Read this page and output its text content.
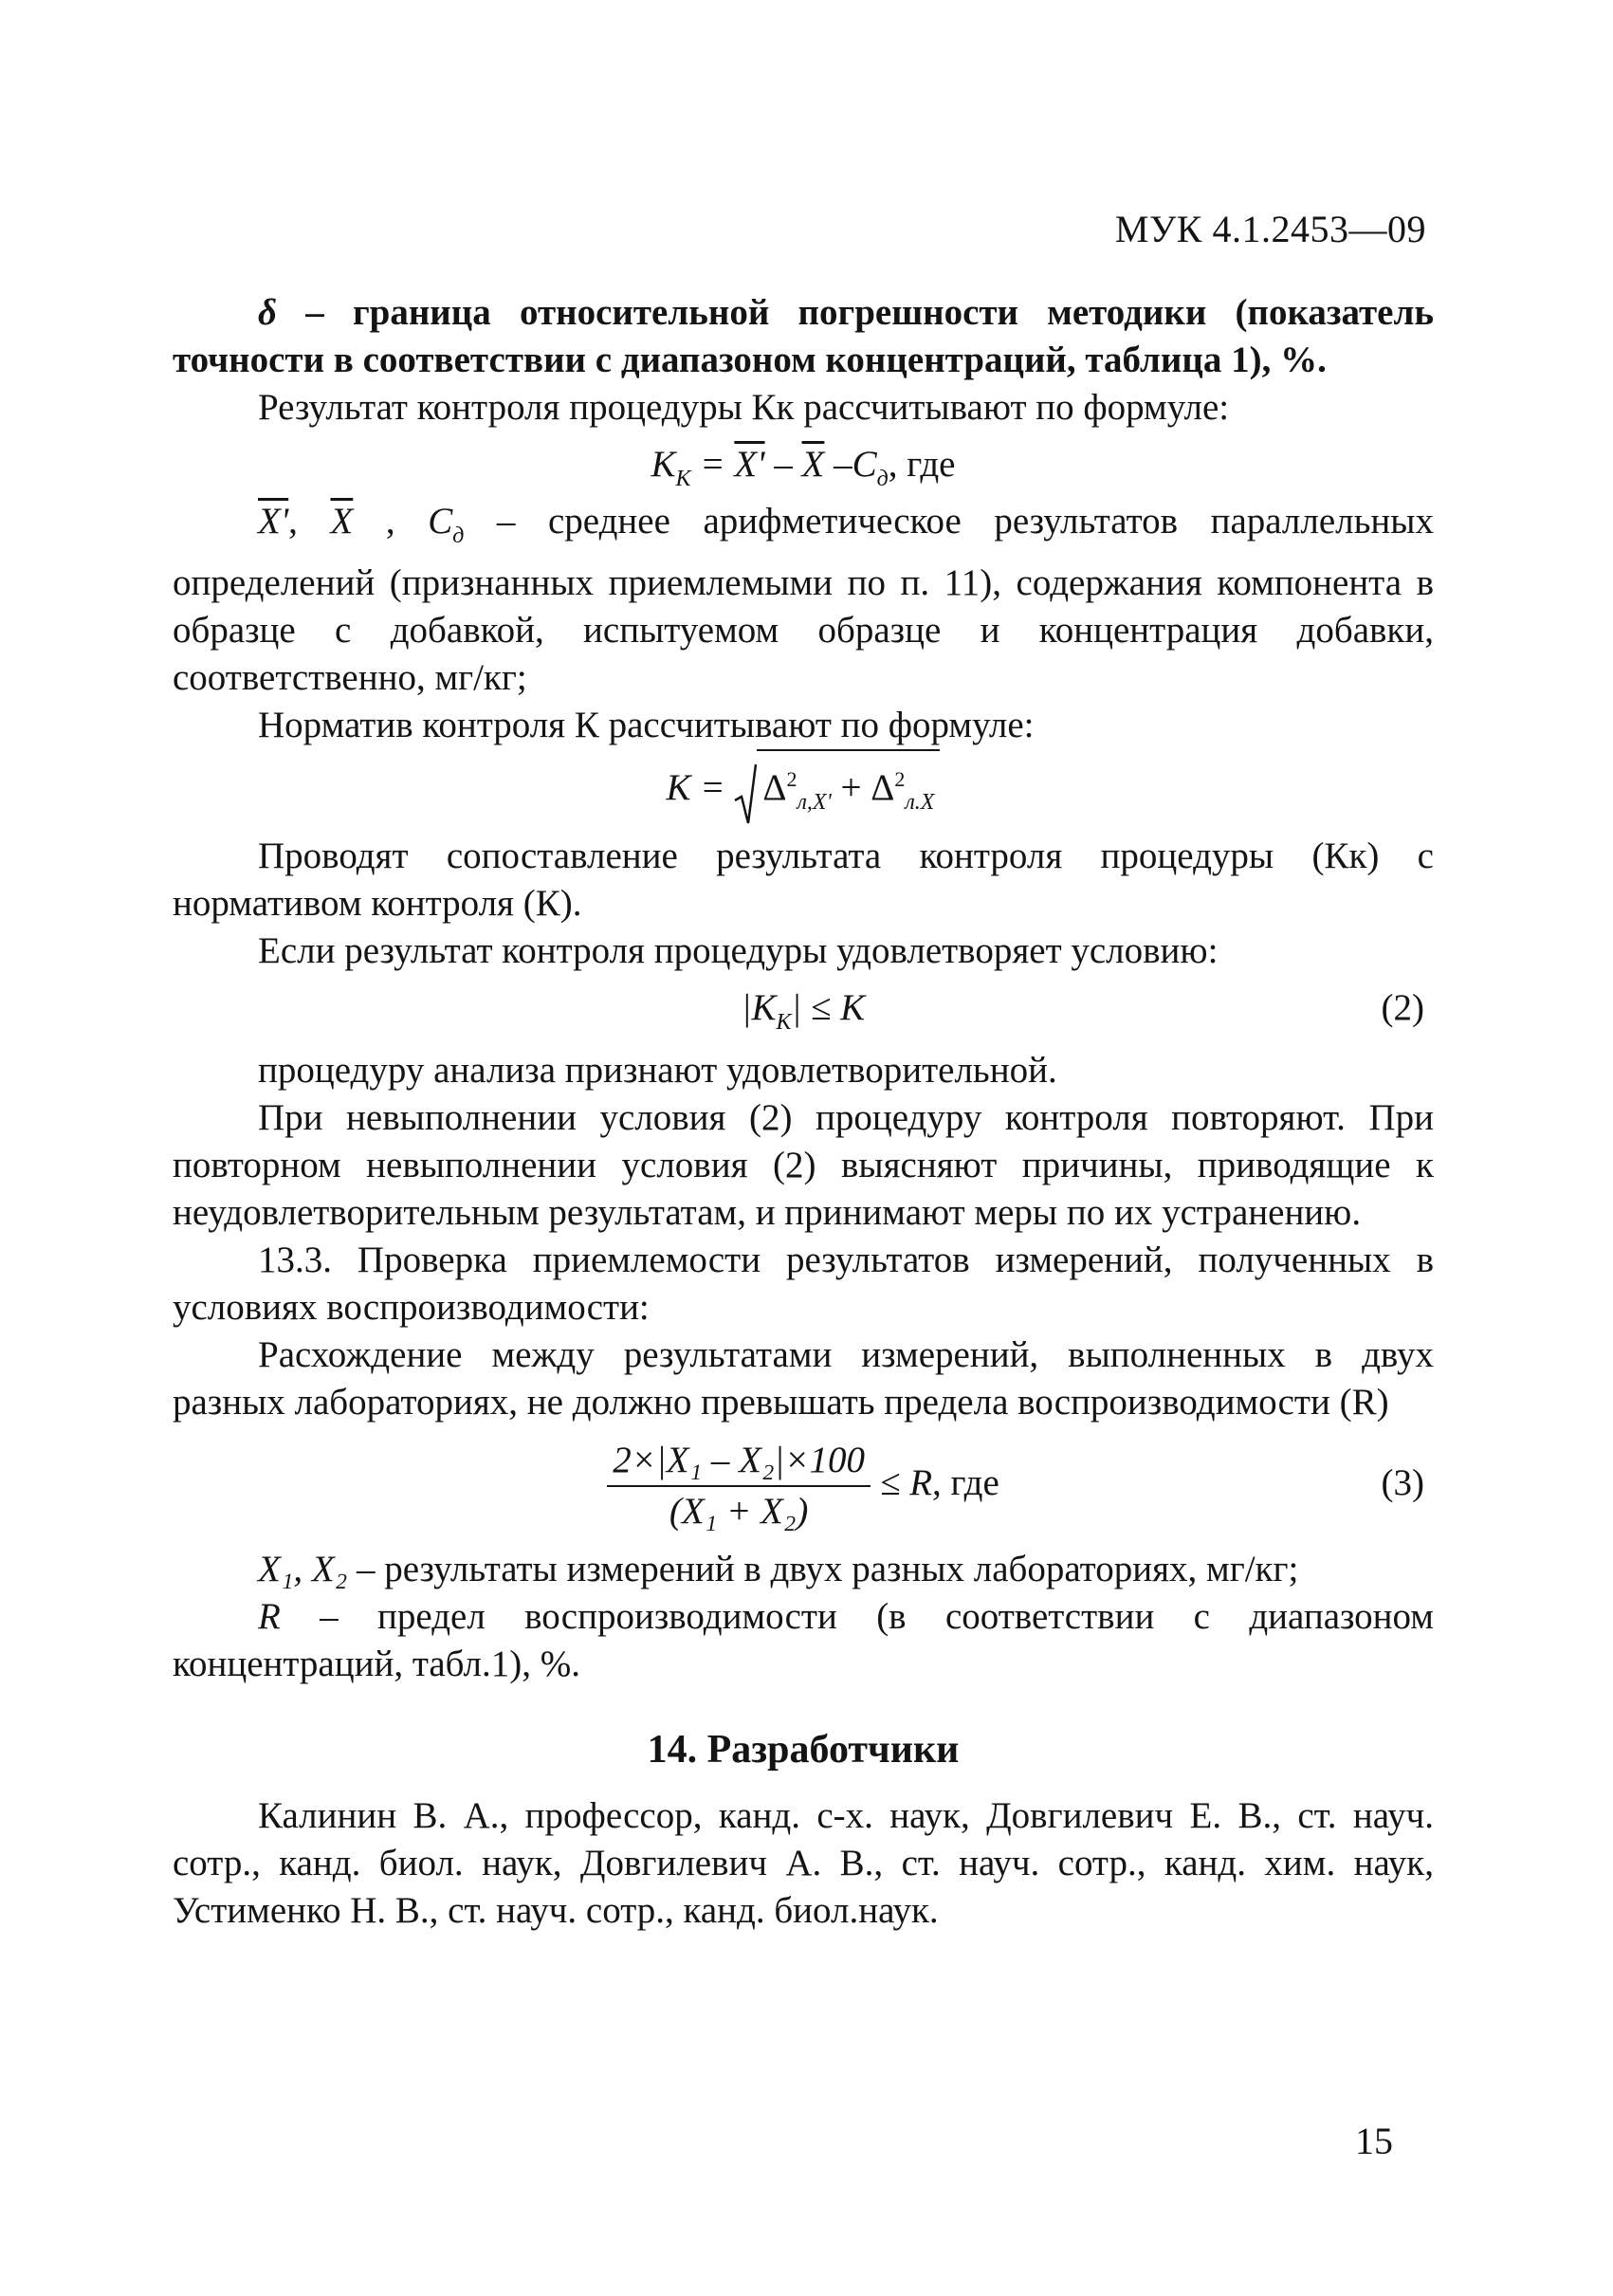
МУК 4.1.2453—09

δ – граница относительной погрешности методики (показатель точности в соответствии с диапазоном концентраций, таблица 1), %.

Результат контроля процедуры Кк рассчитывают по формуле:

$K_K = X' - \overline{X}$ $-C_д$, где

X', $\overline{X}$ , $C_д$ – среднее арифметическое результатов параллельных определений (признанных приемлемыми по п. 11), содержания компонента в образце с добавкой, испытуемом образце и концентрация добавки, соответственно, мг/кг;

Норматив контроля К рассчитывают по формуле:

$K = \Delta^2_{л,X'} + \Delta^2_{л.X}$

Проводят сопоставление результата контроля процедуры (Кк) с нормативом контроля (К).

Если результат контроля процедуры удовлетворяет условию:

$|K_K| \le K$	(2)

процедуру анализа признают удовлетворительной.

При невыполнении условия (2) процедуру контроля повторяют. При повторном невыполнении условия (2) выясняют причины, приводящие к неудовлетворительным результатам, и принимают меры по их устранению.

13.3. Проверка приемлемости результатов измерений, полученных в условиях воспроизводимости:

Расхождение между результатами измерений, выполненных в двух разных лабораториях, не должно превышать предела воспроизводимости (R)

$\frac{\text{2×|X₁ – X₂|×100}}{\text{(X₁ + X₂)}} \le R$, где	(3)

X₁, X₂ – результаты измерений в двух разных лабораториях, мг/кг;

R – предел воспроизводимости (в соответствии с диапазоном концентраций, табл.1), %.

14. Разработчики

Калинин В. А., профессор, канд. с-х. наук, Довгилевич Е. В., ст. науч. сотр., канд. биол. наук, Довгилевич А. В., ст. науч. сотр., канд. хим. наук, Устименко Н. В., ст. науч. сотр., канд. биол.наук.

15
